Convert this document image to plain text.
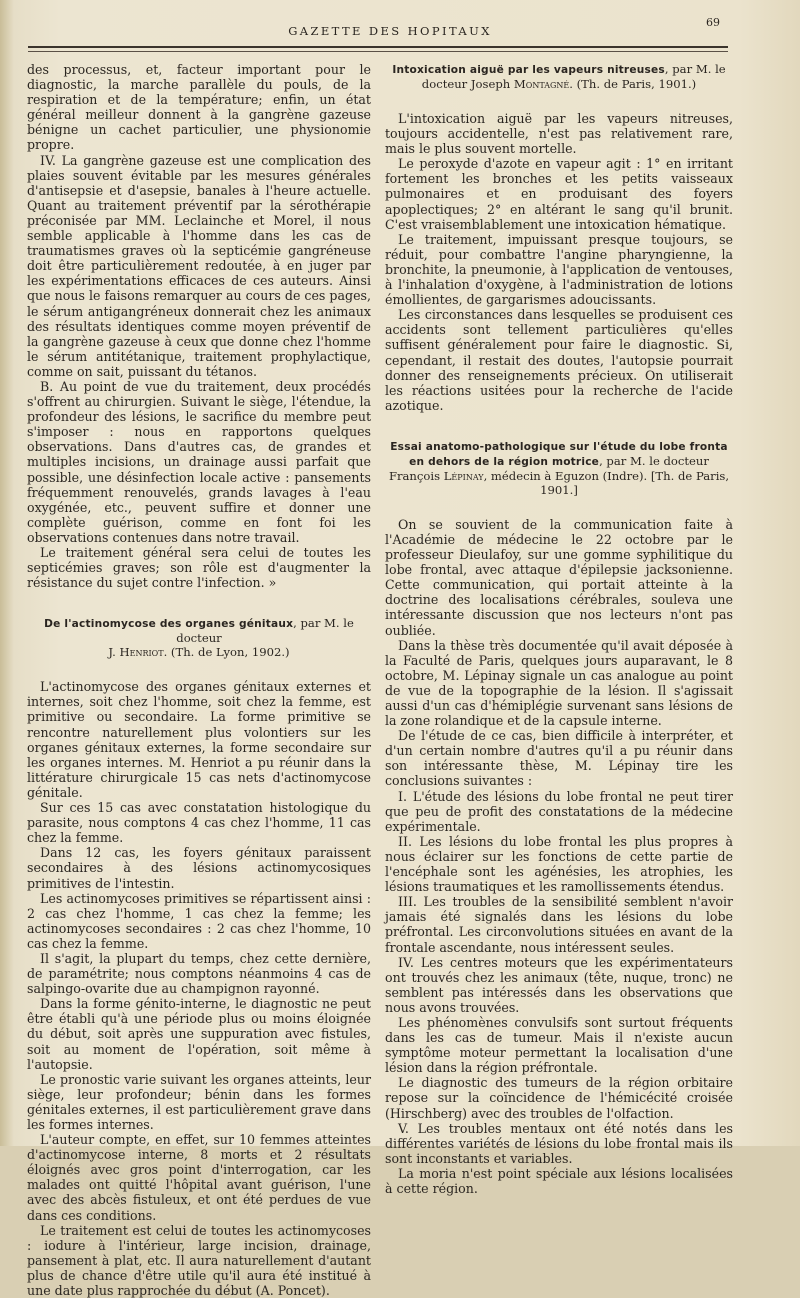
GAZETTE DES HOPITAUX
69

des processus, et, facteur important pour le diagnostic, la marche parallèle du pouls, de la respiration et de la température; enfin, un état général meilleur donnent à la gangrène gazeuse bénigne un cachet particulier, une physionomie propre.

IV. La gangrène gazeuse est une complication des plaies souvent évitable par les mesures générales d'antisepsie et d'asepsie, banales à l'heure actuelle. Quant au traitement préventif par la sérothérapie préconisée par MM. Leclainche et Morel, il nous semble applicable à l'homme dans les cas de traumatismes graves où la septicémie gangréneuse doit être particulièrement redoutée, à en juger par les expérimentations efficaces de ces auteurs. Ainsi que nous le faisons remarquer au cours de ces pages, le sérum antigangréneux donnerait chez les animaux des résultats identiques comme moyen préventif de la gangrène gazeuse à ceux que donne chez l'homme le sérum antitétanique, traitement prophylactique, comme on sait, puissant du tétanos.

B. Au point de vue du traitement, deux procédés s'offrent au chirurgien. Suivant le siège, l'étendue, la profondeur des lésions, le sacrifice du membre peut s'imposer : nous en rapportons quelques observations. Dans d'autres cas, de grandes et multiples incisions, un drainage aussi parfait que possible, une désinfection locale active : pansements fréquemment renouvelés, grands lavages à l'eau oxygénée, etc., peuvent suffire et donner une complète guérison, comme en font foi les observations contenues dans notre travail.

Le traitement général sera celui de toutes les septicémies graves; son rôle est d'augmenter la résistance du sujet contre l'infection. »

De l'actinomycose des organes génitaux, par M. le docteur
J. Henriot. (Th. de Lyon, 1902.)

L'actinomycose des organes génitaux externes et internes, soit chez l'homme, soit chez la femme, est primitive ou secondaire. La forme primitive se rencontre naturellement plus volontiers sur les organes génitaux externes, la forme secondaire sur les organes internes. M. Henriot a pu réunir dans la littérature chirurgicale 15 cas nets d'actinomycose génitale.

Sur ces 15 cas avec constatation histologique du parasite, nous comptons 4 cas chez l'homme, 11 cas chez la femme.

Dans 12 cas, les foyers génitaux paraissent secondaires à des lésions actinomycosiques primitives de l'intestin.

Les actinomycoses primitives se répartissent ainsi : 2 cas chez l'homme, 1 cas chez la femme; les actinomycoses secondaires : 2 cas chez l'homme, 10 cas chez la femme.

Il s'agit, la plupart du temps, chez cette dernière, de paramétrite; nous comptons néanmoins 4 cas de salpingo-ovarite due au champignon rayonné.

Dans la forme génito-interne, le diagnostic ne peut être établi qu'à une période plus ou moins éloignée du début, soit après une suppuration avec fistules, soit au moment de l'opération, soit même à l'autopsie.

Le pronostic varie suivant les organes atteints, leur siège, leur profondeur; bénin dans les formes génitales externes, il est particulièrement grave dans les formes internes.

L'auteur compte, en effet, sur 10 femmes atteintes d'actinomycose interne, 8 morts et 2 résultats éloignés avec gros point d'interrogation, car les malades ont quitté l'hôpital avant guérison, l'une avec des abcès fistuleux, et ont été perdues de vue dans ces conditions.

Le traitement est celui de toutes les actinomycoses : iodure à l'intérieur, large incision, drainage, pansement à plat, etc. Il aura naturellement d'autant plus de chance d'être utile qu'il aura été institué à une date plus rapprochée du début (A. Poncet).

Intoxication aiguë par les vapeurs nitreuses, par M. le docteur Joseph Montagné. (Th. de Paris, 1901.)

L'intoxication aiguë par les vapeurs nitreuses, toujours accidentelle, n'est pas relativement rare, mais le plus souvent mortelle.

Le peroxyde d'azote en vapeur agit : 1° en irritant fortement les bronches et les petits vaisseaux pulmonaires et en produisant des foyers apoplectiques; 2° en altérant le sang qu'il brunit. C'est vraisemblablement une intoxication hématique.

Le traitement, impuissant presque toujours, se réduit, pour combattre l'angine pharyngienne, la bronchite, la pneumonie, à l'application de ventouses, à l'inhalation d'oxygène, à l'administration de lotions émollientes, de gargarismes adoucissants.

Les circonstances dans lesquelles se produisent ces accidents sont tellement particulières qu'elles suffisent généralement pour faire le diagnostic. Si, cependant, il restait des doutes, l'autopsie pourrait donner des renseignements précieux. On utiliserait les réactions usitées pour la recherche de l'acide azotique.

Essai anatomo-pathologique sur l'étude du lobe fronta en dehors de la région motrice, par M. le docteur François Lépinay, médecin à Eguzon (Indre). [Th. de Paris, 1901.]

On se souvient de la communication faite à l'Académie de médecine le 22 octobre par le professeur Dieulafoy, sur une gomme syphilitique du lobe frontal, avec attaque d'épilepsie jacksonienne. Cette communication, qui portait atteinte à la doctrine des localisations cérébrales, souleva une intéressante discussion que nos lecteurs n'ont pas oubliée.

Dans la thèse très documentée qu'il avait déposée à la Faculté de Paris, quelques jours auparavant, le 8 octobre, M. Lépinay signale un cas analogue au point de vue de la topographie de la lésion. Il s'agissait aussi d'un cas d'hémiplégie survenant sans lésions de la zone rolandique et de la capsule interne.

De l'étude de ce cas, bien difficile à interpréter, et d'un certain nombre d'autres qu'il a pu réunir dans son intéressante thèse, M. Lépinay tire les conclusions suivantes :

I. L'étude des lésions du lobe frontal ne peut tirer que peu de profit des constatations de la médecine expérimentale.

II. Les lésions du lobe frontal les plus propres à nous éclairer sur les fonctions de cette partie de l'encéphale sont les agénésies, les atrophies, les lésions traumatiques et les ramollissements étendus.

III. Les troubles de la sensibilité semblent n'avoir jamais été signalés dans les lésions du lobe préfrontal. Les circonvolutions situées en avant de la frontale ascendante, nous intéressent seules.

IV. Les centres moteurs que les expérimentateurs ont trouvés chez les animaux (tête, nuque, tronc) ne semblent pas intéressés dans les observations que nous avons trouvées.

Les phénomènes convulsifs sont surtout fréquents dans les cas de tumeur. Mais il n'existe aucun symptôme moteur permettant la localisation d'une lésion dans la région préfrontale.

Le diagnostic des tumeurs de la région orbitaire repose sur la coïncidence de l'hémicécité croisée (Hirschberg) avec des troubles de l'olfaction.

V. Les troubles mentaux ont été notés dans les différentes variétés de lésions du lobe frontal mais ils sont inconstants et variables.

La moria n'est point spéciale aux lésions localisées à cette région.
